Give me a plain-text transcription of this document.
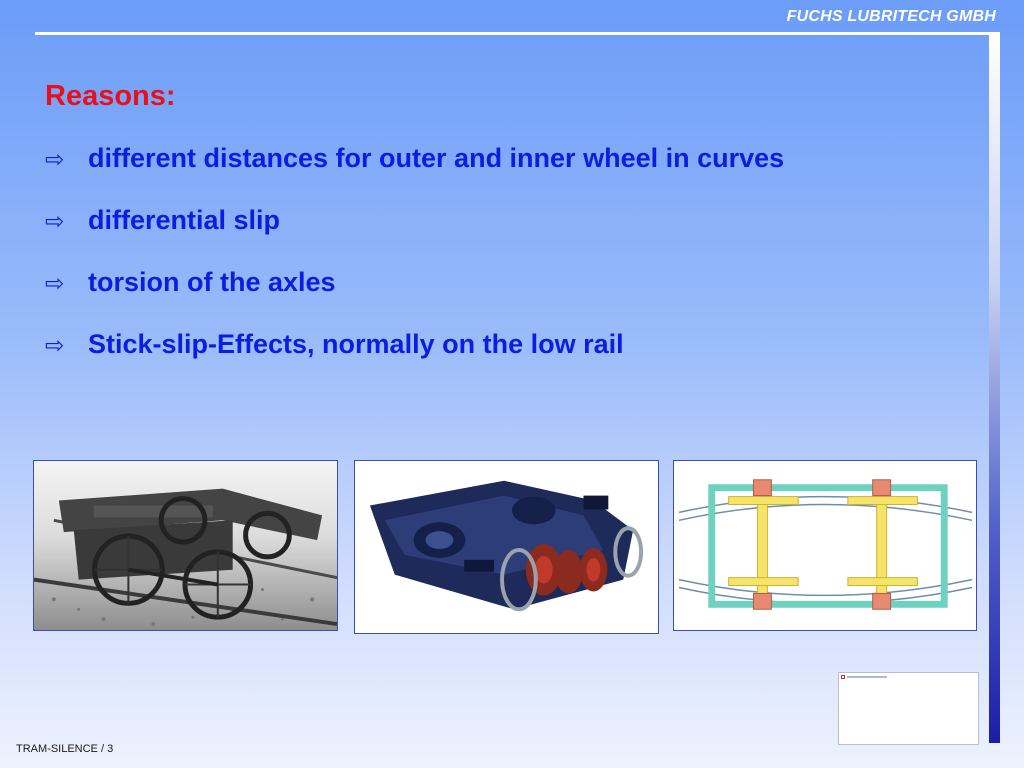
FUCHS LUBRITECH GMBH
Reasons:
⇨ different distances for outer and inner wheel in curves
⇨ differential slip
⇨ torsion of the axles
⇨ Stick-slip-Effects, normally on the low rail
TRAM-SILENCE / 3
